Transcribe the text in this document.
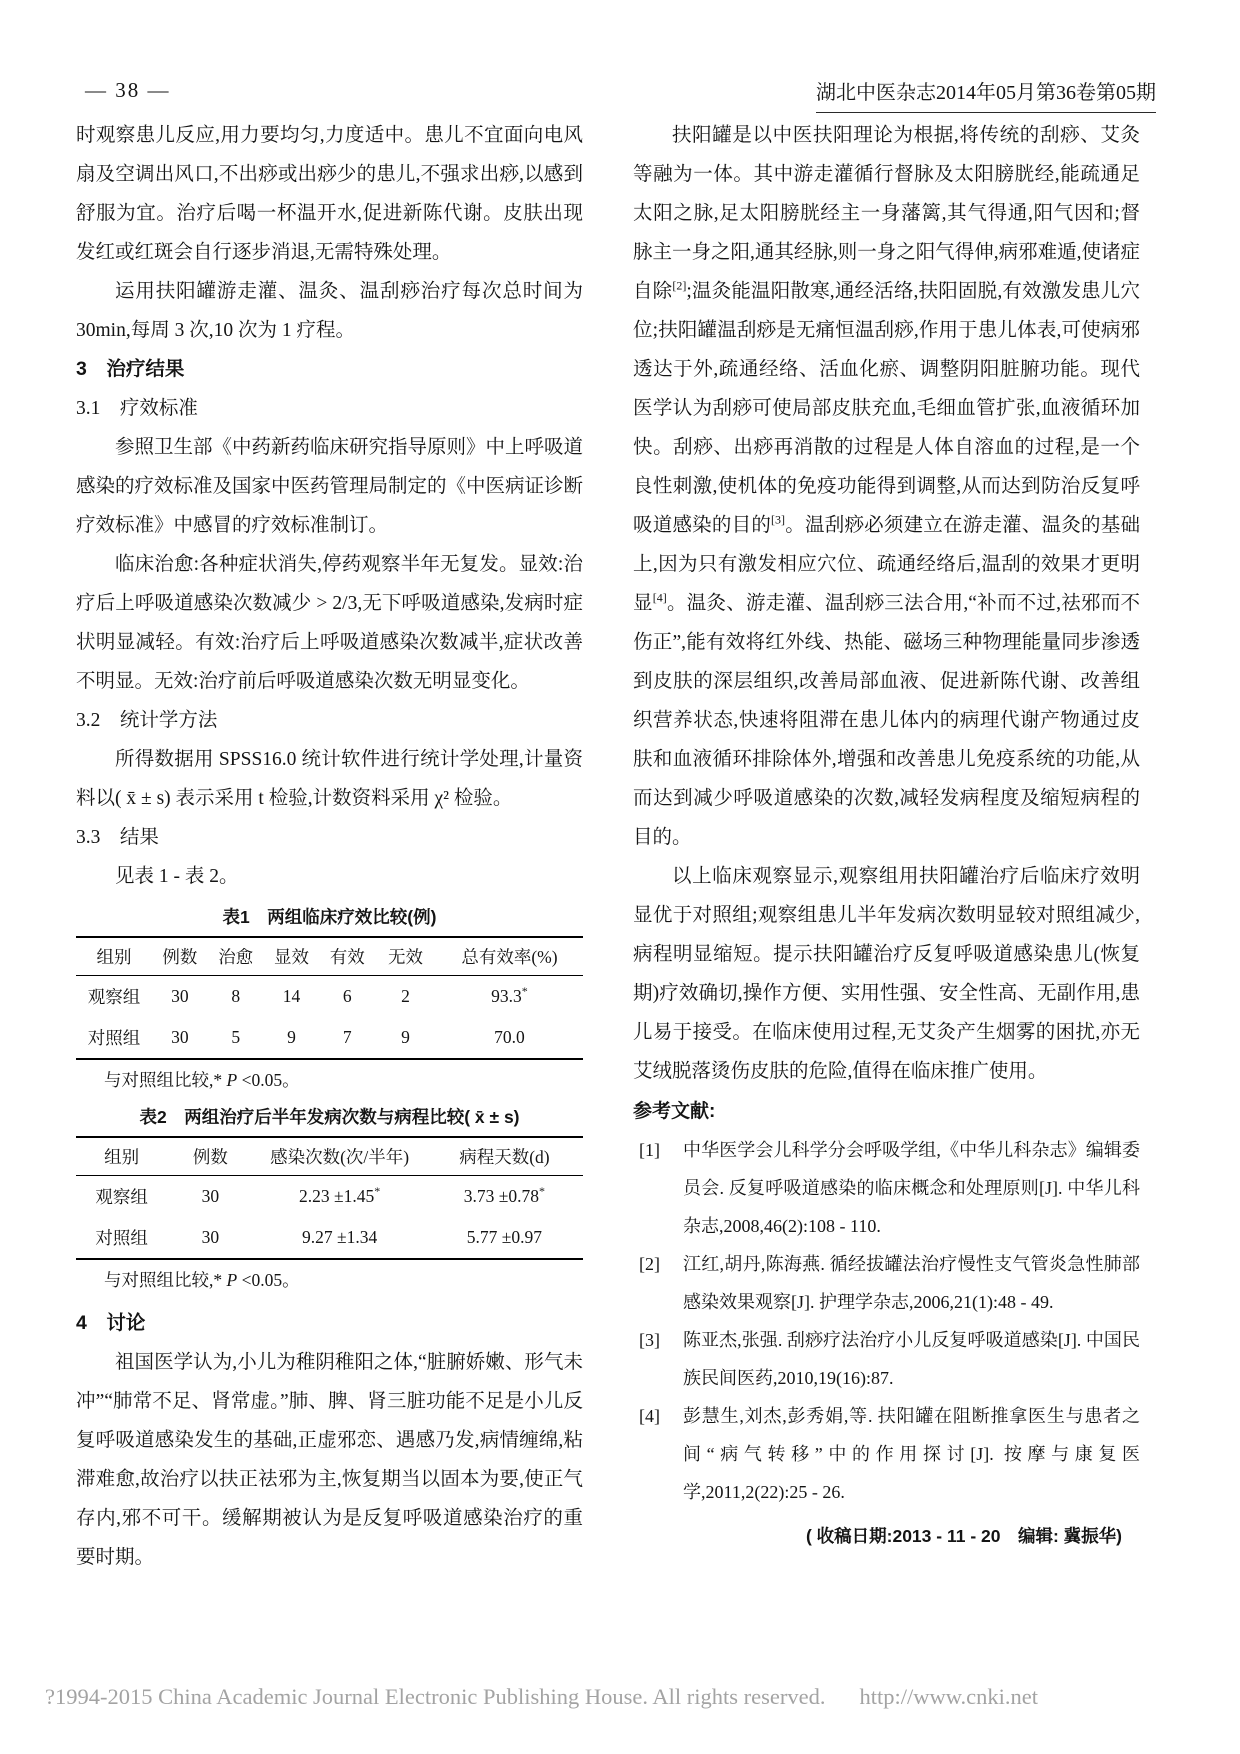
— 38 —	湖北中医杂志2014年05月第36卷第05期

时观察患儿反应,用力要均匀,力度适中。患儿不宜面向电风扇及空调出风口,不出痧或出痧少的患儿,不强求出痧,以感到舒服为宜。治疗后喝一杯温开水,促进新陈代谢。皮肤出现发红或红斑会自行逐步消退,无需特殊处理。

运用扶阳罐游走灌、温灸、温刮痧治疗每次总时间为 30min,每周 3 次,10 次为 1 疗程。

3　治疗结果
3.1　疗效标准

参照卫生部《中药新药临床研究指导原则》中上呼吸道感染的疗效标准及国家中医药管理局制定的《中医病证诊断疗效标准》中感冒的疗效标准制订。

临床治愈:各种症状消失,停药观察半年无复发。显效:治疗后上呼吸道感染次数减少 > 2/3,无下呼吸道感染,发病时症状明显减轻。有效:治疗后上呼吸道感染次数减半,症状改善不明显。无效:治疗前后呼吸道感染次数无明显变化。

3.2　统计学方法

所得数据用 SPSS16.0 统计软件进行统计学处理,计量资料以( x̄ ± s) 表示采用 t 检验,计数资料采用 χ² 检验。

3.3　结果

见表 1 - 表 2。

表1　两组临床疗效比较(例)

组别	例数	治愈	显效	有效	无效	总有效率(%)
观察组	30	8	14	6	2	93.3*
对照组	30	5	9	7	9	70.0

与对照组比较,* P <0.05。

表2　两组治疗后半年发病次数与病程比较( x̄ ± s)

组别	例数	感染次数(次/半年)	病程天数(d)
观察组	30	2.23 ±1.45*	3.73 ±0.78*
对照组	30	9.27 ±1.34	5.77 ±0.97

与对照组比较,* P <0.05。

4　讨论

祖国医学认为,小儿为稚阴稚阳之体,“脏腑娇嫩、形气未冲”“肺常不足、肾常虚。”肺、脾、肾三脏功能不足是小儿反复呼吸道感染发生的基础,正虚邪恋、遇感乃发,病情缠绵,粘滞难愈,故治疗以扶正祛邪为主,恢复期当以固本为要,使正气存内,邪不可干。缓解期被认为是反复呼吸道感染治疗的重要时期。

扶阳罐是以中医扶阳理论为根据,将传统的刮痧、艾灸等融为一体。其中游走灌循行督脉及太阳膀胱经,能疏通足太阳之脉,足太阳膀胱经主一身藩篱,其气得通,阳气因和;督脉主一身之阳,通其经脉,则一身之阳气得伸,病邪难遁,使诸症自除[2];温灸能温阳散寒,通经活络,扶阳固脱,有效激发患儿穴位;扶阳罐温刮痧是无痛恒温刮痧,作用于患儿体表,可使病邪透达于外,疏通经络、活血化瘀、调整阴阳脏腑功能。现代医学认为刮痧可使局部皮肤充血,毛细血管扩张,血液循环加快。刮痧、出痧再消散的过程是人体自溶血的过程,是一个良性刺激,使机体的免疫功能得到调整,从而达到防治反复呼吸道感染的目的[3]。温刮痧必须建立在游走灌、温灸的基础上,因为只有激发相应穴位、疏通经络后,温刮的效果才更明显[4]。温灸、游走灌、温刮痧三法合用,“补而不过,祛邪而不伤正”,能有效将红外线、热能、磁场三种物理能量同步渗透到皮肤的深层组织,改善局部血液、促进新陈代谢、改善组织营养状态,快速将阻滞在患儿体内的病理代谢产物通过皮肤和血液循环排除体外,增强和改善患儿免疫系统的功能,从而达到减少呼吸道感染的次数,减轻发病程度及缩短病程的目的。

以上临床观察显示,观察组用扶阳罐治疗后临床疗效明显优于对照组;观察组患儿半年发病次数明显较对照组减少,病程明显缩短。提示扶阳罐治疗反复呼吸道感染患儿(恢复期)疗效确切,操作方便、实用性强、安全性高、无副作用,患儿易于接受。在临床使用过程,无艾灸产生烟雾的困扰,亦无艾绒脱落烫伤皮肤的危险,值得在临床推广使用。

参考文献:

[1] 中华医学会儿科学分会呼吸学组,《中华儿科杂志》编辑委员会. 反复呼吸道感染的临床概念和处理原则[J]. 中华儿科杂志,2008,46(2):108 - 110.

[2] 江红,胡丹,陈海燕. 循经拔罐法治疗慢性支气管炎急性肺部感染效果观察[J]. 护理学杂志,2006,21(1):48 - 49.

[3] 陈亚杰,张强. 刮痧疗法治疗小儿反复呼吸道感染[J]. 中国民族民间医药,2010,19(16):87.

[4] 彭慧生,刘杰,彭秀娟,等. 扶阳罐在阻断推拿医生与患者之间“病气转移”中的作用探讨[J]. 按摩与康复医学,2011,2(22):25 - 26.

( 收稿日期:2013 - 11 - 20　编辑: 冀振华)

?1994-2015 China Academic Journal Electronic Publishing House. All rights reserved. http://www.cnki.net
